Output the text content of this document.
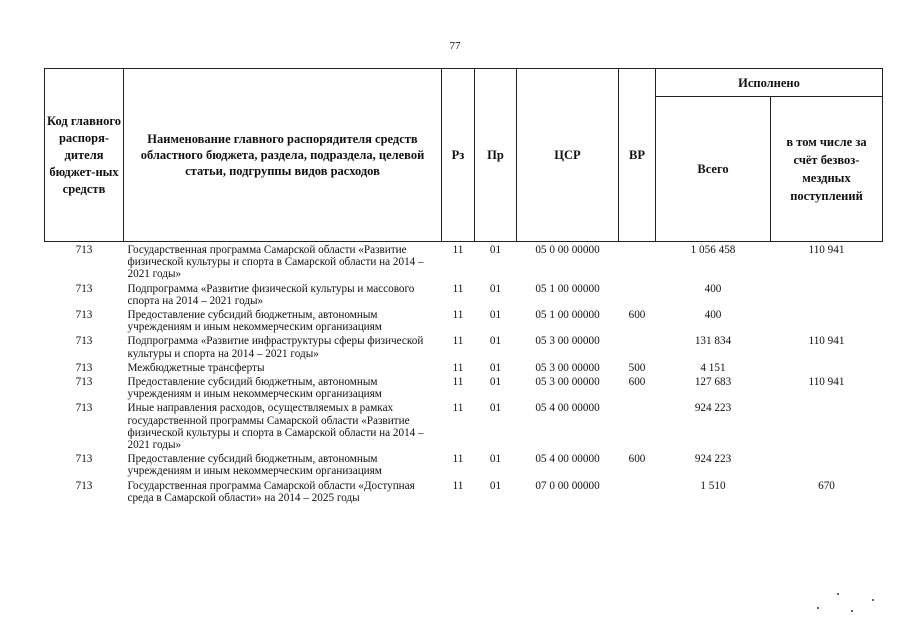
77
Код главного распоря-дителя бюджет-ных средств	Наименование главного распорядителя средств областного бюджета, раздела, подраздела, целевой статьи, подгруппы видов расходов	Рз	Пр	ЦСР	ВР	Исполнено	
						Всего	в том числе за счёт безвоз-мездных поступлений
713	Государственная программа Самарской области «Развитие физической культуры и спорта в Самарской области на 2014 – 2021 годы»	11	01	05 0 00 00000		1 056 458	110 941
713	Подпрограмма «Развитие физической культуры и массового спорта на 2014 – 2021 годы»	11	01	05 1 00 00000		400	
713	Предоставление субсидий бюджетным, автономным учреждениям и иным некоммерческим организациям	11	01	05 1 00 00000	600	400	
713	Подпрограмма «Развитие инфраструктуры сферы физической культуры и спорта на 2014 – 2021 годы»	11	01	05 3 00 00000		131 834	110 941
713	Межбюджетные трансферты	11	01	05 3 00 00000	500	4 151	
713	Предоставление субсидий бюджетным, автономным учреждениям и иным некоммерческим организациям	11	01	05 3 00 00000	600	127 683	110 941
713	Иные направления расходов, осуществляемых в рамках государственной программы Самарской области «Развитие физической культуры и спорта в Самарской области на 2014 – 2021 годы»	11	01	05 4 00 00000		924 223	
713	Предоставление субсидий бюджетным, автономным учреждениям и иным некоммерческим организациям	11	01	05 4 00 00000	600	924 223	
713	Государственная программа Самарской области «Доступная среда в Самарской области» на 2014 – 2025 годы	11	01	07 0 00 00000		1 510	670
